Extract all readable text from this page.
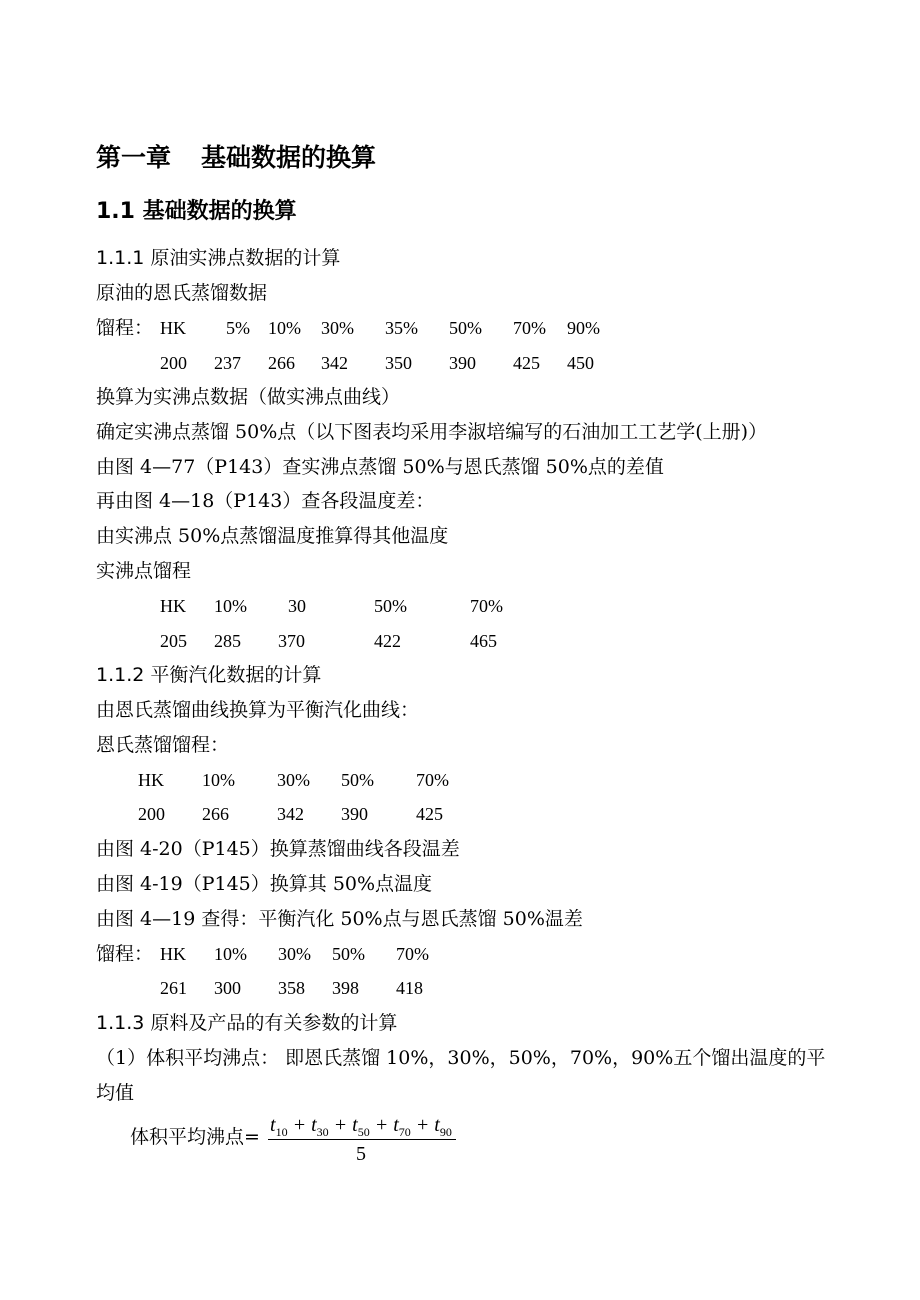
第一章 基础数据的换算
1.1 基础数据的换算
1.1.1 原油实沸点数据的计算
原油的恩氏蒸馏数据
馏程： HK 5% 10% 30% 35% 50% 70% 90%
200 237 266 342 350 390 425 450
换算为实沸点数据（做实沸点曲线）
确定实沸点蒸馏 50%点（以下图表均采用李淑培编写的石油加工工艺学(上册)）
由图 4—77（P143）查实沸点蒸馏 50%与恩氏蒸馏 50%点的差值
再由图 4—18（P143）查各段温度差：
由实沸点 50%点蒸馏温度推算得其他温度
实沸点馏程
HK 10% 30	50%	70%
205 285 370	422	465
1.1.2 平衡汽化数据的计算
由恩氏蒸馏曲线换算为平衡汽化曲线：
恩氏蒸馏馏程：
HK 10% 30% 50% 70%
200 266	342 390	425
由图 4-20（P145）换算蒸馏曲线各段温差
由图 4-19（P145）换算其 50%点温度
由图 4—19 查得：平衡汽化 50%点与恩氏蒸馏 50%温差
馏程： HK 10% 30% 50% 70%
261 300 358 398 418
1.1.3 原料及产品的有关参数的计算
（1）体积平均沸点： 即恩氏蒸馏 10%，30%，50%，70%，90%五个馏出温度的平
均值
体积平均沸点=
$t_{10} + t_{30} + t_{50} + t_{70} + t_{90}$
5
